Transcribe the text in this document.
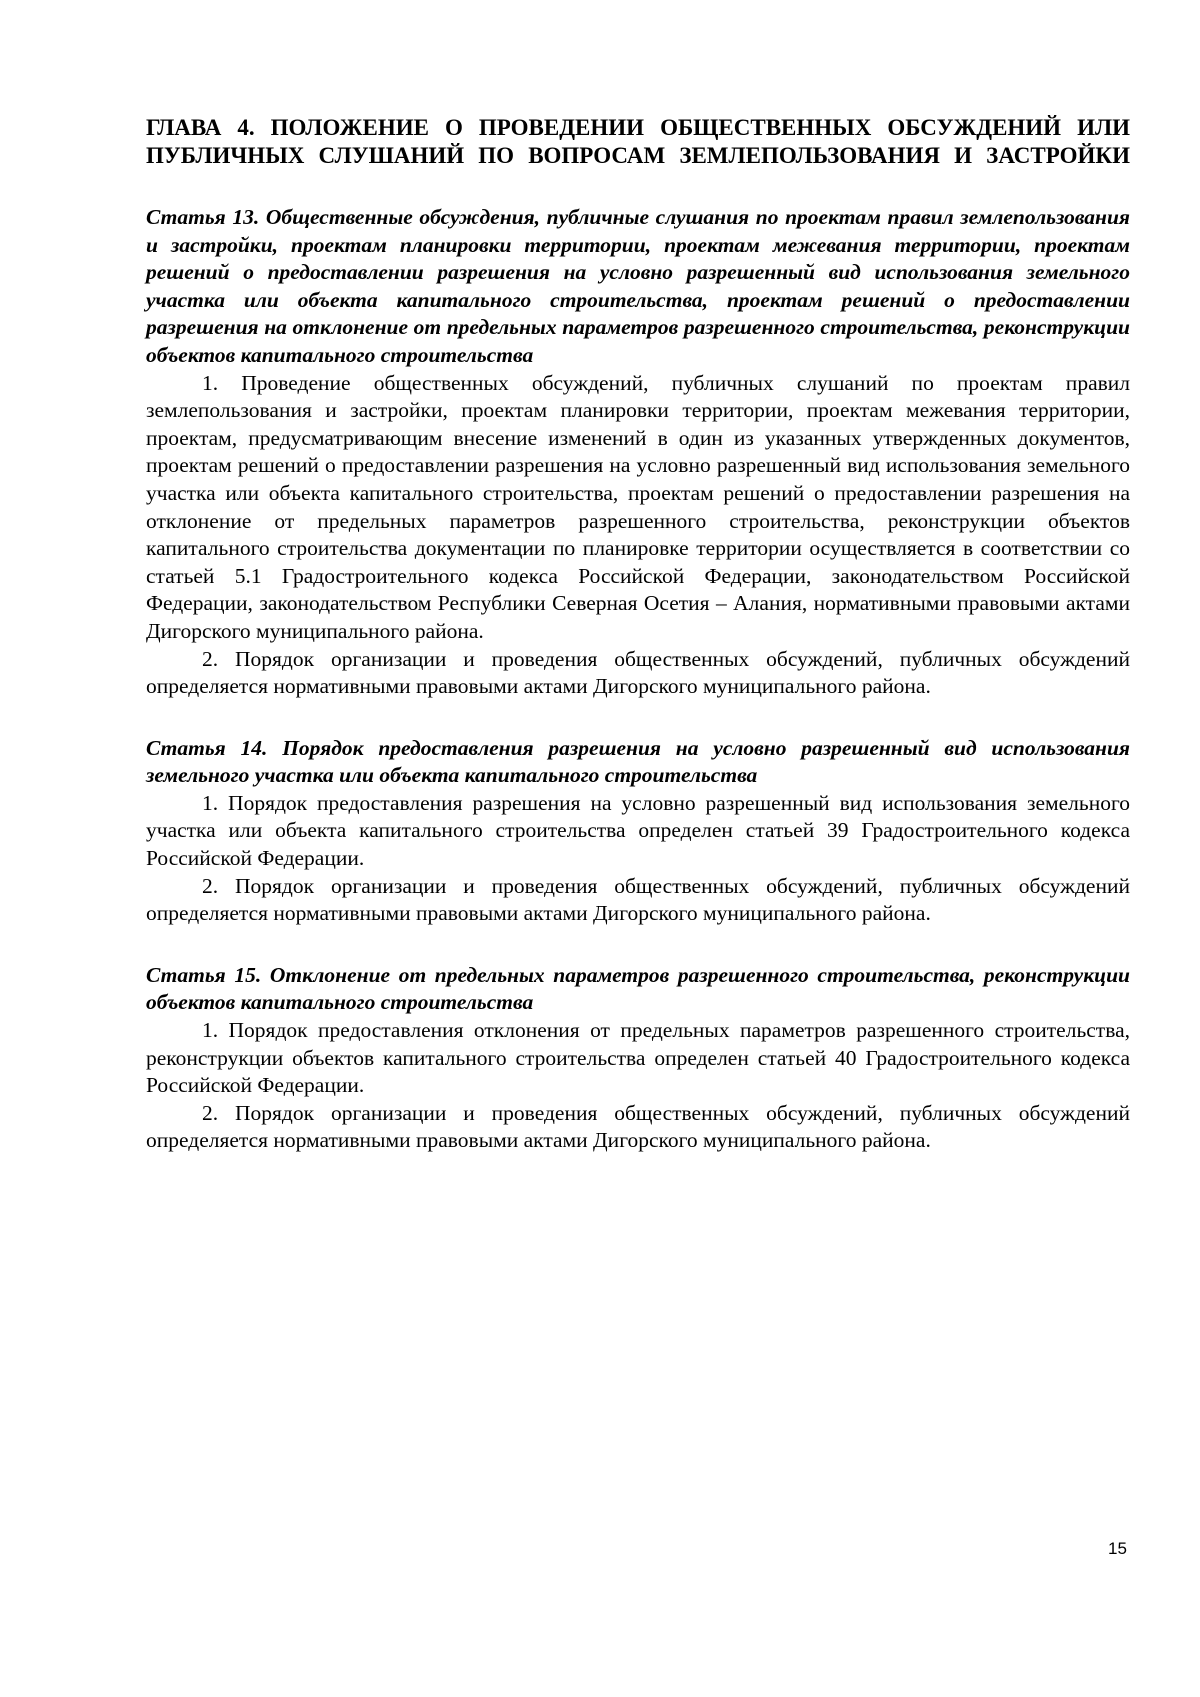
ГЛАВА 4. ПОЛОЖЕНИЕ О ПРОВЕДЕНИИ ОБЩЕСТВЕННЫХ ОБСУЖДЕНИЙ ИЛИ
ПУБЛИЧНЫХ СЛУШАНИЙ ПО ВОПРОСАМ ЗЕМЛЕПОЛЬЗОВАНИЯ И ЗАСТРОЙКИ

Статья 13. Общественные обсуждения, публичные слушания по проектам правил землепользования и застройки, проектам планировки территории, проектам межевания территории, проектам решений о предоставлении разрешения на условно разрешенный вид использования земельного участка или объекта капитального строительства, проектам решений о предоставлении разрешения на отклонение от предельных параметров разрешенного строительства, реконструкции объектов капитального строительства

1. Проведение общественных обсуждений, публичных слушаний по проектам правил землепользования и застройки, проектам планировки территории, проектам межевания территории, проектам, предусматривающим внесение изменений в один из указанных утвержденных документов, проектам решений о предоставлении разрешения на условно разрешенный вид использования земельного участка или объекта капитального строительства, проектам решений о предоставлении разрешения на отклонение от предельных параметров разрешенного строительства, реконструкции объектов капитального строительства документации по планировке территории осуществляется в соответствии со статьей 5.1 Градостроительного кодекса Российской Федерации, законодательством Российской Федерации, законодательством Республики Северная Осетия – Алания, нормативными правовыми актами Дигорского муниципального района.

2. Порядок организации и проведения общественных обсуждений, публичных обсуждений определяется нормативными правовыми актами Дигорского муниципального района.

Статья 14. Порядок предоставления разрешения на условно разрешенный вид использования земельного участка или объекта капитального строительства

1. Порядок предоставления разрешения на условно разрешенный вид использования земельного участка или объекта капитального строительства определен статьей 39 Градостроительного кодекса Российской Федерации.

2. Порядок организации и проведения общественных обсуждений, публичных обсуждений определяется нормативными правовыми актами Дигорского муниципального района.

Статья 15. Отклонение от предельных параметров разрешенного строительства, реконструкции объектов капитального строительства

1. Порядок предоставления отклонения от предельных параметров разрешенного строительства, реконструкции объектов капитального строительства определен статьей 40 Градостроительного кодекса Российской Федерации.

2. Порядок организации и проведения общественных обсуждений, публичных обсуждений определяется нормативными правовыми актами Дигорского муниципального района.

15
